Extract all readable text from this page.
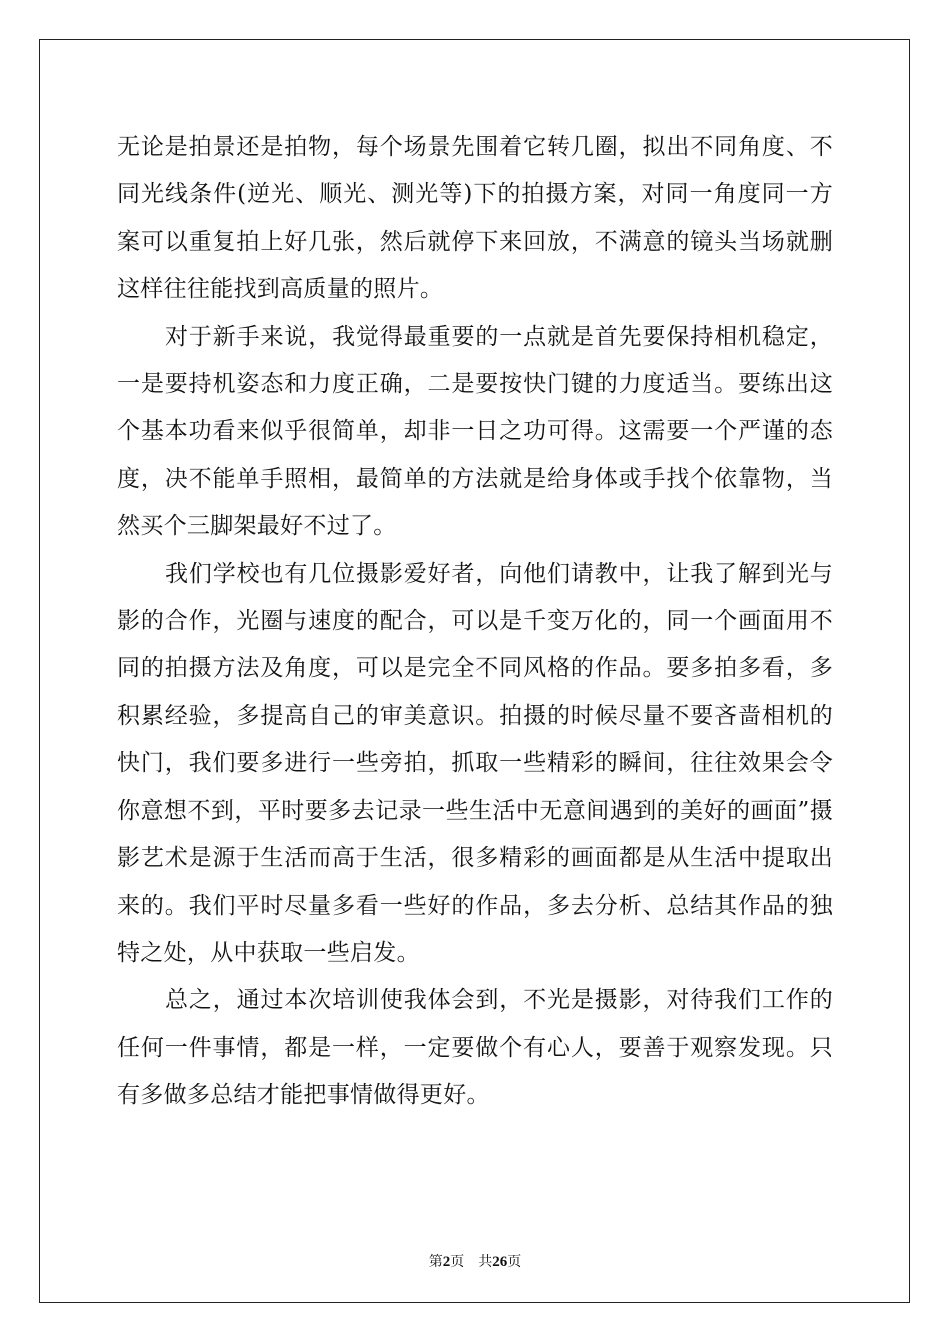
无论是拍景还是拍物，每个场景先围着它转几圈，拟出不同角度、不同光线条件(逆光、顺光、测光等)下的拍摄方案，对同一角度同一方案可以重复拍上好几张，然后就停下来回放，不满意的镜头当场就删这样往往能找到高质量的照片。

对于新手来说，我觉得最重要的一点就是首先要保持相机稳定，一是要持机姿态和力度正确，二是要按快门键的力度适当。要练出这个基本功看来似乎很简单，却非一日之功可得。这需要一个严谨的态度，决不能单手照相，最简单的方法就是给身体或手找个依靠物，当然买个三脚架最好不过了。

我们学校也有几位摄影爱好者，向他们请教中，让我了解到光与影的合作，光圈与速度的配合，可以是千变万化的，同一个画面用不同的拍摄方法及角度，可以是完全不同风格的作品。要多拍多看，多积累经验，多提高自己的审美意识。拍摄的时候尽量不要吝啬相机的快门，我们要多进行一些旁拍，抓取一些精彩的瞬间，往往效果会令你意想不到，平时要多去记录一些生活中无意间遇到的美好的画面”摄影艺术是源于生活而高于生活，很多精彩的画面都是从生活中提取出来的。我们平时尽量多看一些好的作品，多去分析、总结其作品的独特之处，从中获取一些启发。

总之，通过本次培训使我体会到，不光是摄影，对待我们工作的任何一件事情，都是一样，一定要做个有心人，要善于观察发现。只有多做多总结才能把事情做得更好。

第2页 共26页
